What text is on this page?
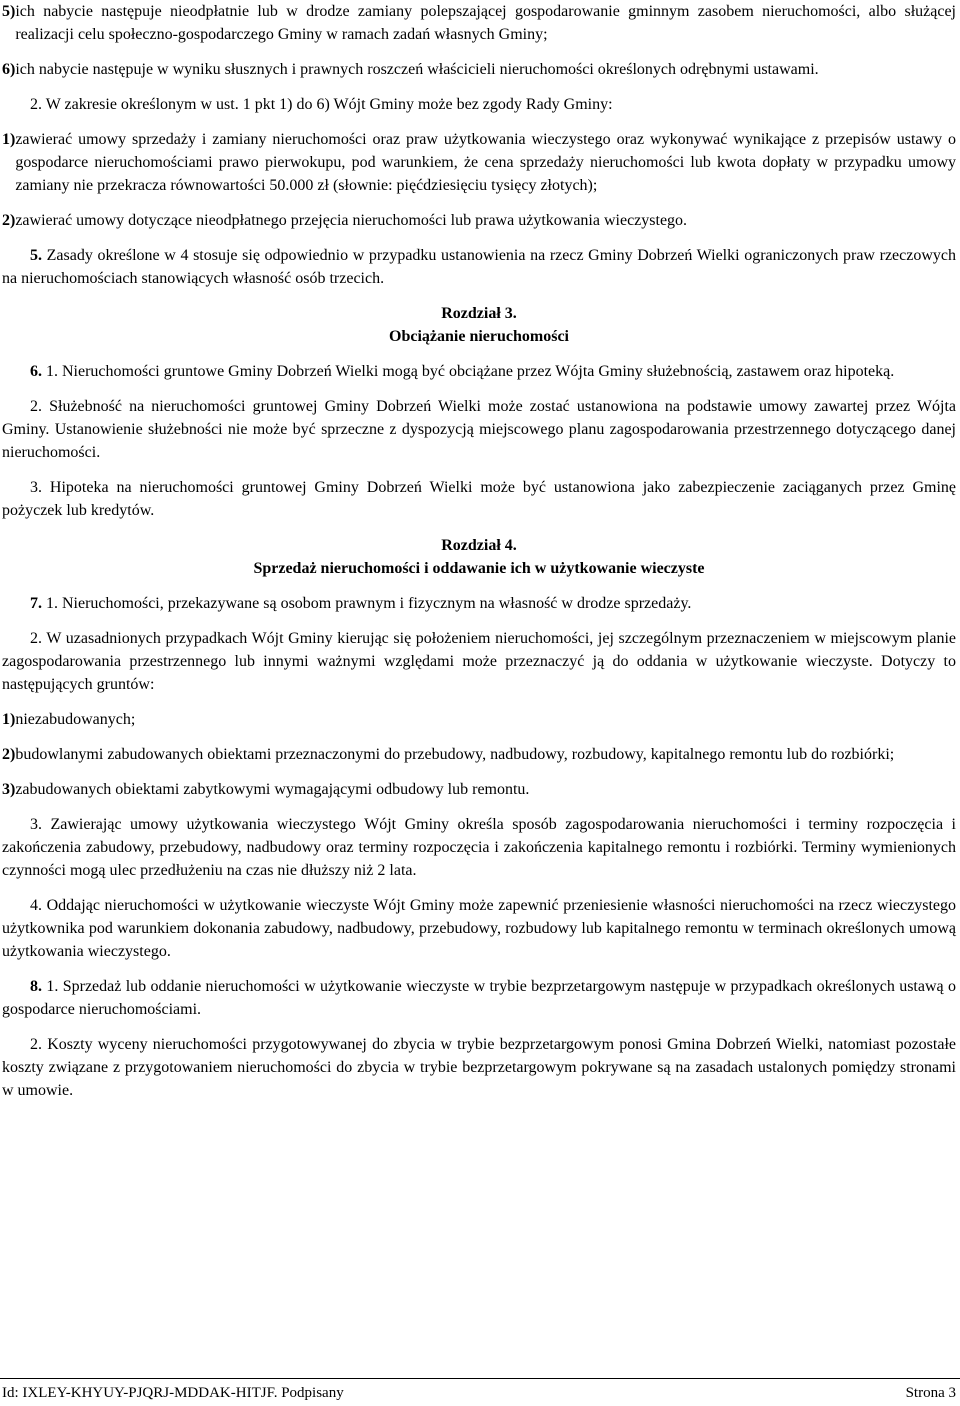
5) ich nabycie następuje nieodpłatnie lub w drodze zamiany polepszającej gospodarowanie gminnym zasobem nieruchomości, albo służącej realizacji celu społeczno-gospodarczego Gminy w ramach zadań własnych Gminy;
6) ich nabycie następuje w wyniku słusznych i prawnych roszczeń właścicieli nieruchomości określonych odrębnymi ustawami.

2. W zakresie określonym w ust. 1 pkt 1) do 6) Wójt Gminy może bez zgody Rady Gminy:

1) zawierać umowy sprzedaży i zamiany nieruchomości oraz praw użytkowania wieczystego oraz wykonywać wynikające z przepisów ustawy o gospodarce nieruchomościami prawo pierwokupu, pod warunkiem, że cena sprzedaży nieruchomości lub kwota dopłaty w przypadku umowy zamiany nie przekracza równowartości 50.000 zł (słownie: pięćdziesięciu tysięcy złotych);
2) zawierać umowy dotyczące nieodpłatnego przejęcia nieruchomości lub prawa użytkowania wieczystego.

5. Zasady określone w 4 stosuje się odpowiednio w przypadku ustanowienia na rzecz Gminy Dobrzeń Wielki ograniczonych praw rzeczowych na nieruchomościach stanowiących własność osób trzecich.

Rozdział 3.
Obciążanie nieruchomości

6. 1. Nieruchomości gruntowe Gminy Dobrzeń Wielki mogą być obciążane przez Wójta Gminy służebnością, zastawem oraz hipoteką.

2. Służebność na nieruchomości gruntowej Gminy Dobrzeń Wielki może zostać ustanowiona na podstawie umowy zawartej przez Wójta Gminy. Ustanowienie służebności nie może być sprzeczne z dyspozycją miejscowego planu zagospodarowania przestrzennego dotyczącego danej nieruchomości.

3. Hipoteka na nieruchomości gruntowej Gminy Dobrzeń Wielki może być ustanowiona jako zabezpieczenie zaciąganych przez Gminę pożyczek lub kredytów.

Rozdział 4.
Sprzedaż nieruchomości i oddawanie ich w użytkowanie wieczyste

7. 1. Nieruchomości, przekazywane są osobom prawnym i fizycznym na własność w drodze sprzedaży.

2. W uzasadnionych przypadkach Wójt Gminy kierując się położeniem nieruchomości, jej szczególnym przeznaczeniem w miejscowym planie zagospodarowania przestrzennego lub innymi ważnymi względami może przeznaczyć ją do oddania w użytkowanie wieczyste. Dotyczy to następujących gruntów:

1) niezabudowanych;
2) budowlanymi zabudowanych obiektami przeznaczonymi do przebudowy, nadbudowy, rozbudowy, kapitalnego remontu lub do rozbiórki;
3) zabudowanych obiektami zabytkowymi wymagającymi odbudowy lub remontu.

3. Zawierając umowy użytkowania wieczystego Wójt Gminy określa sposób zagospodarowania nieruchomości i terminy rozpoczęcia i zakończenia zabudowy, przebudowy, nadbudowy oraz terminy rozpoczęcia i zakończenia kapitalnego remontu i rozbiórki. Terminy wymienionych czynności mogą ulec przedłużeniu na czas nie dłuższy niż 2 lata.

4. Oddając nieruchomości w użytkowanie wieczyste Wójt Gminy może zapewnić przeniesienie własności nieruchomości na rzecz wieczystego użytkownika pod warunkiem dokonania zabudowy, nadbudowy, przebudowy, rozbudowy lub kapitalnego remontu w terminach określonych umową użytkowania wieczystego.

8. 1. Sprzedaż lub oddanie nieruchomości w użytkowanie wieczyste w trybie bezprzetargowym następuje w przypadkach określonych ustawą o gospodarce nieruchomościami.

2. Koszty wyceny nieruchomości przygotowywanej do zbycia w trybie bezprzetargowym ponosi Gmina Dobrzeń Wielki, natomiast pozostałe koszty związane z przygotowaniem nieruchomości do zbycia w trybie bezprzetargowym pokrywane są na zasadach ustalonych pomiędzy stronami w umowie.

Id: IXLEY-KHYUY-PJQRJ-MDDAK-HITJF. Podpisany	Strona 3
